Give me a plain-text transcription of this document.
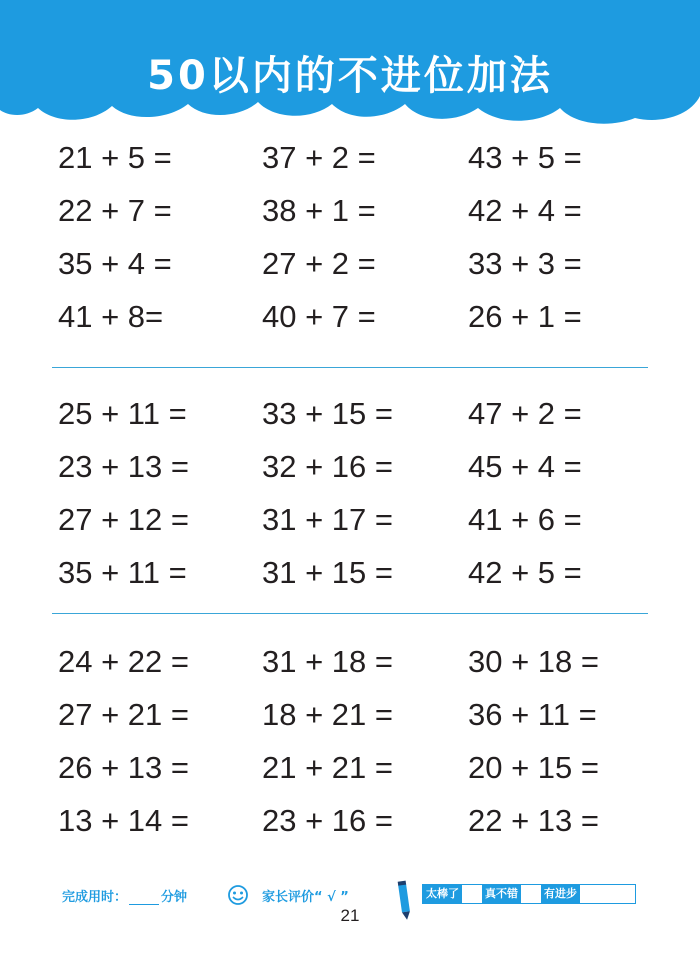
50以内的不进位加法
21 + 5 =	37 + 2 =	43 + 5 =
22 + 7 =	38 + 1 =	42 + 4 =
35 + 4 =	27 + 2 =	33 + 3 =
41 + 8=	40 + 7 =	26 + 1 =
25 + 11 = 33 + 15 = 47 + 2 =
23 + 13 = 32 + 16 = 45 + 4 =
27 + 12 = 31 + 17 = 41 + 6 =
35 + 11 = 31 + 15 = 42 + 5 =
24 + 22 = 31 + 18 = 30 + 18 =
27 + 21 = 18 + 21 = 36 + 11 =
26 + 13 = 21 + 21 = 20 + 15 =
13 + 14 = 23 + 16 = 22 + 13 =
完成用时：	分钟	家长评价“ √ ”	太棒了 真不错 有进步
21
